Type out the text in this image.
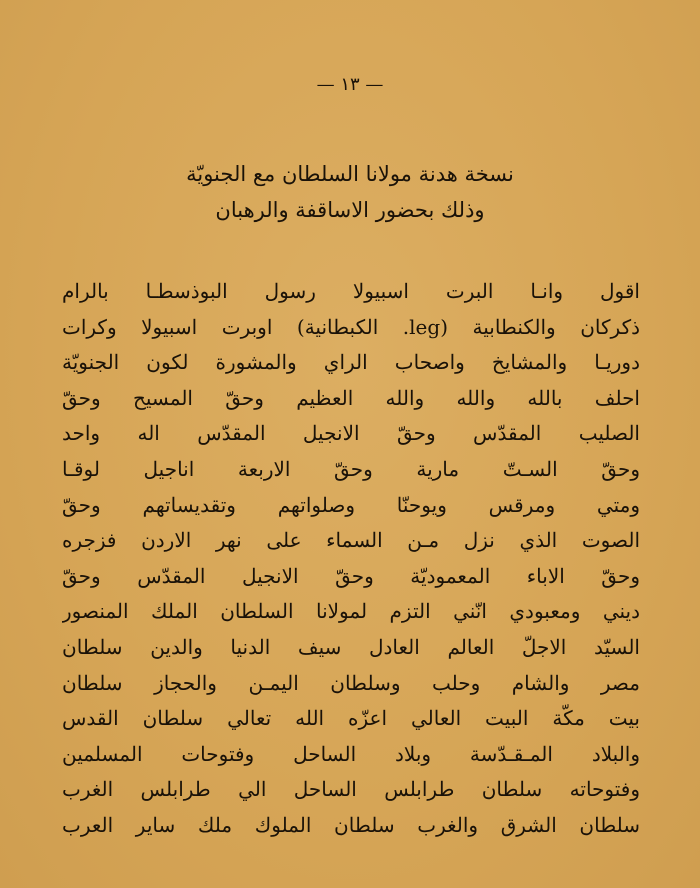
— ١٣ —
نسخة هدنة مولانا السلطان مع الجنويّة
وذلك بحضور الاساقفة والرهبان
اقول وانـا البرت اسبيولا رسول البوذسطـا بالرام
ذكركان والكنطابية (leg. الكبطانية) اوبرت اسبيولا وكرات
دوريـا والمشايخ واصحاب الراي والمشورة لكون الجنويّة
احلف بالله والله والله العظيم وحقّ المسيح وحقّ
الصليب المقدّس وحقّ الانجيل المقدّس اله واحد
وحقّ السـتّ مارية وحقّ الاربعة اناجيل لوقـا
ومتي ومرقس ويوحنّا وصلواتهم وتقديساتهم وحقّ
الصوت الذي نزل مـن السماء على نهر الاردن فزجره
وحقّ الاباء المعموديّة وحقّ الانجيل المقدّس وحقّ
ديني ومعبودي انّني التزم لمولانا السلطان الملك المنصور
السيّد الاجلّ العالم العادل سيف الدنيا والدين سلطان
مصر والشام وحلب وسلطان اليمـن والحجاز سلطان
بيت مكّة البيت العالي اعزّه الله تعالي سلطان القدس
والبلاد المـقـدّسة وبلاد الساحل وفتوحات المسلمين
وفتوحاته سلطان طرابلس الساحل الي طرابلس الغرب
سلطان الشرق والغرب سلطان الملوك ملك ساير العرب
